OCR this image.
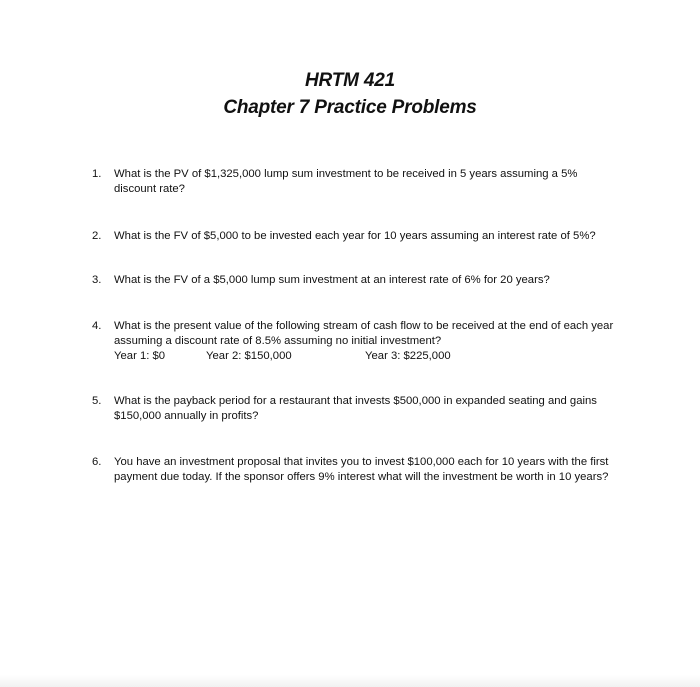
HRTM 421
Chapter 7 Practice Problems
1.	What is the PV of $1,325,000 lump sum investment to be received in 5 years assuming a 5% discount rate?
2.	What is the FV of $5,000 to be invested each year for 10 years assuming an interest rate of 5%?
3.	What is the FV of a $5,000 lump sum investment at an interest rate of 6% for 20 years?
4.	What is the present value of the following stream of cash flow to be received at the end of each year assuming a discount rate of 8.5% assuming no initial investment?
Year 1: $0	Year 2: $150,000	Year 3: $225,000
5.	What is the payback period for a restaurant that invests $500,000 in expanded seating and gains $150,000 annually in profits?
6.	You have an investment proposal that invites you to invest $100,000 each for 10 years with the first payment due today. If the sponsor offers 9% interest what will the investment be worth in 10 years?
